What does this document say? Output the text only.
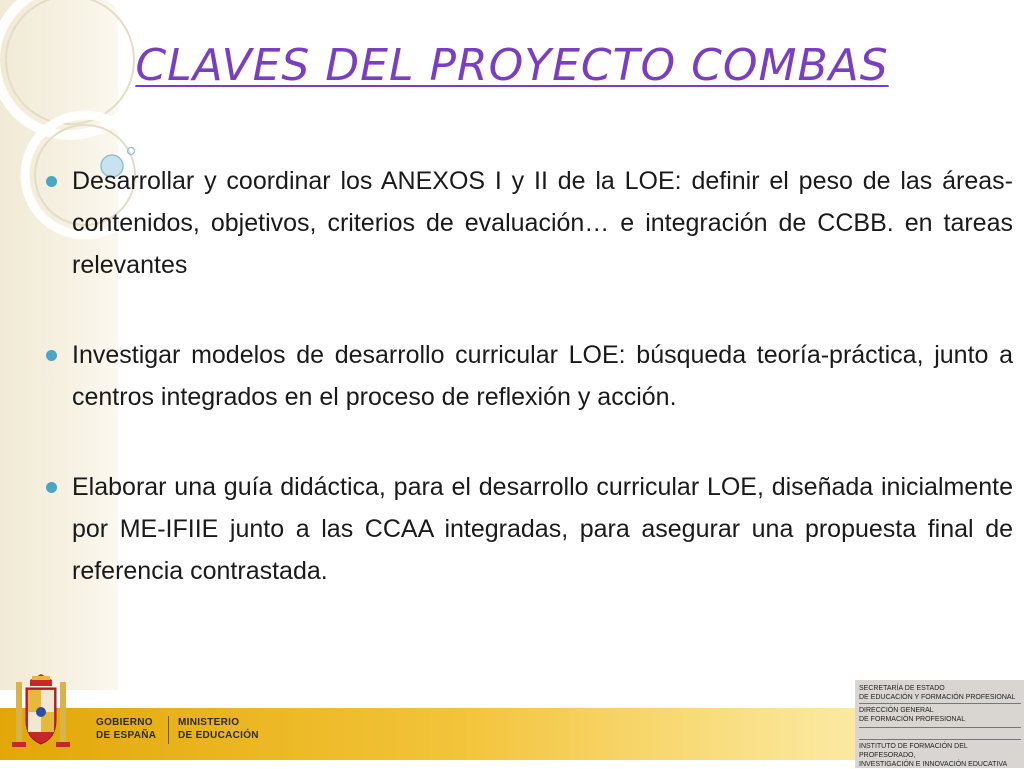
CLAVES DEL PROYECTO COMBAS
Desarrollar y coordinar los ANEXOS I y II de la LOE: definir el peso de las áreas-contenidos, objetivos, criterios de evaluación… e integración de CCBB. en tareas relevantes
Investigar modelos de desarrollo curricular LOE: búsqueda teoría-práctica, junto a centros integrados en el proceso de reflexión y acción.
Elaborar una guía didáctica, para el desarrollo curricular LOE, diseñada inicialmente por ME-IFIIE junto a las CCAA integradas, para asegurar una propuesta final de referencia contrastada.
GOBIERNO
DE ESPAÑA
MINISTERIO
DE EDUCACIÓN
SECRETARÍA DE ESTADO
DE EDUCACIÓN Y FORMACIÓN PROFESIONAL
DIRECCIÓN GENERAL
DE FORMACIÓN PROFESIONAL
INSTITUTO DE FORMACIÓN DEL PROFESORADO,
INVESTIGACIÓN E INNOVACIÓN EDUCATIVA
